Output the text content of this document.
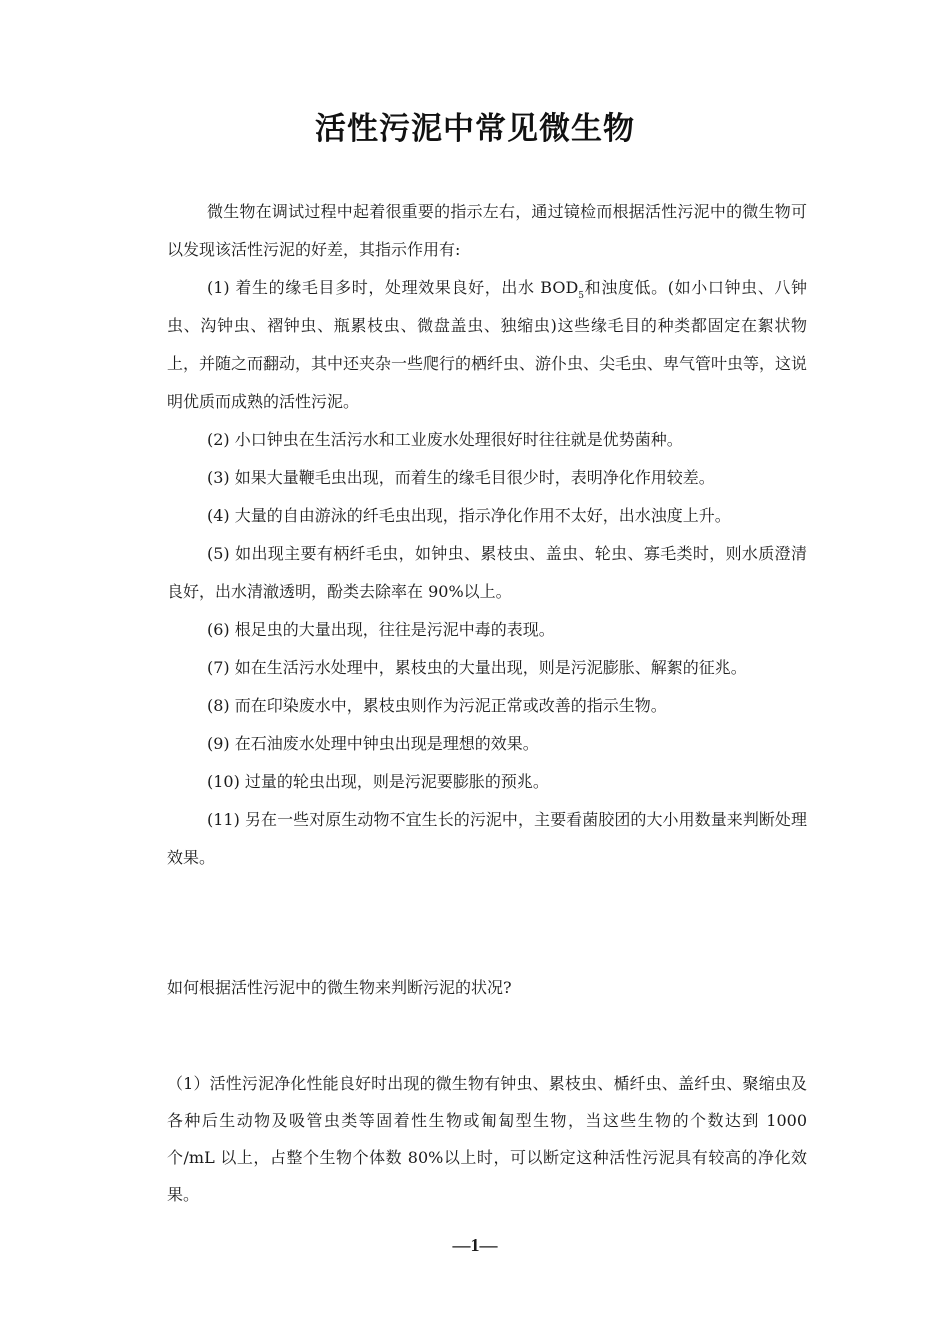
活性污泥中常见微生物

微生物在调试过程中起着很重要的指示左右，通过镜检而根据活性污泥中的微生物可以发现该活性污泥的好差，其指示作用有:

(1) 着生的缘毛目多时，处理效果良好，出水 $BOD_5$和浊度低。(如小口钟虫、八钟虫、沟钟虫、褶钟虫、瓶累枝虫、微盘盖虫、独缩虫)这些缘毛目的种类都固定在絮状物上，并随之而翻动，其中还夹杂一些爬行的栖纤虫、游仆虫、尖毛虫、卑气管叶虫等，这说明优质而成熟的活性污泥。

(2) 小口钟虫在生活污水和工业废水处理很好时往往就是优势菌种。

(3) 如果大量鞭毛虫出现，而着生的缘毛目很少时，表明净化作用较差。

(4) 大量的自由游泳的纤毛虫出现，指示净化作用不太好，出水浊度上升。

(5) 如出现主要有柄纤毛虫，如钟虫、累枝虫、盖虫、轮虫、寡毛类时，则水质澄清良好，出水清澈透明，酚类去除率在 90%以上。

(6) 根足虫的大量出现，往往是污泥中毒的表现。

(7) 如在生活污水处理中，累枝虫的大量出现，则是污泥膨胀、解絮的征兆。

(8) 而在印染废水中，累枝虫则作为污泥正常或改善的指示生物。

(9) 在石油废水处理中钟虫出现是理想的效果。

(10) 过量的轮虫出现，则是污泥要膨胀的预兆。

(11) 另在一些对原生动物不宜生长的污泥中，主要看菌胶团的大小用数量来判断处理效果。

如何根据活性污泥中的微生物来判断污泥的状况?
（1）活性污泥净化性能良好时出现的微生物有钟虫、累枝虫、楯纤虫、盖纤虫、聚缩虫及各种后生动物及吸管虫类等固着性生物或匍匐型生物，当这些生物的个数达到 1000 个/mL 以上，占整个生物个体数 80%以上时，可以断定这种活性污泥具有较高的净化效果。
—1—
